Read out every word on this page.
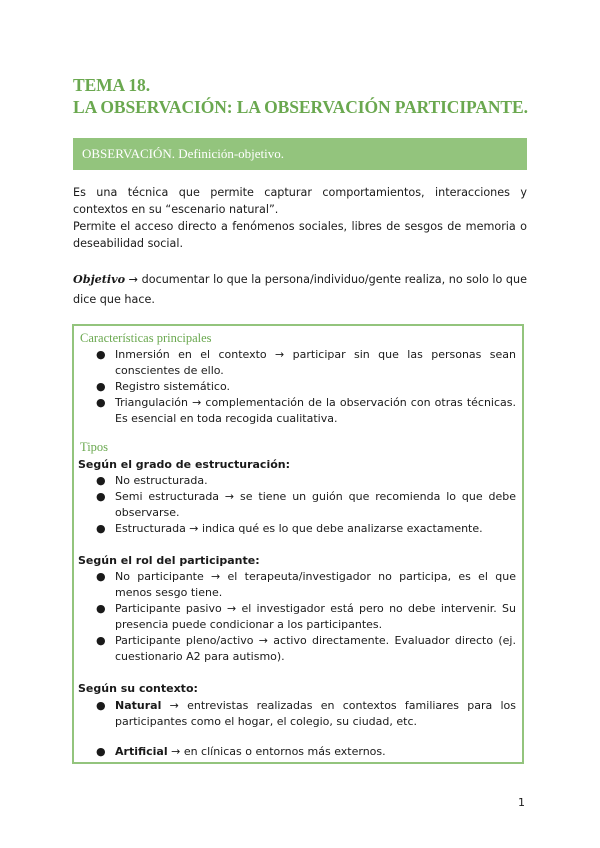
TEMA 18.
LA OBSERVACIÓN: LA OBSERVACIÓN PARTICIPANTE.
OBSERVACIÓN. Definición-objetivo.

Es una técnica que permite capturar comportamientos, interacciones y contextos en su “escenario natural”.

Permite el acceso directo a fenómenos sociales, libres de sesgos de memoria o deseabilidad social.

Objetivo → documentar lo que la persona/individuo/gente realiza, no solo lo que dice que hace.

Características principales
● Inmersión en el contexto → participar sin que las personas sean conscientes de ello.
● Registro sistemático.
● Triangulación → complementación de la observación con otras técnicas. Es esencial en toda recogida cualitativa.
Tipos
Según el grado de estructuración:
● No estructurada.
● Semi estructurada → se tiene un guión que recomienda lo que debe observarse.
● Estructurada → indica qué es lo que debe analizarse exactamente.
Según el rol del participante:
● No participante → el terapeuta/investigador no participa, es el que menos sesgo tiene.
● Participante pasivo → el investigador está pero no debe intervenir. Su presencia puede condicionar a los participantes.
● Participante pleno/activo → activo directamente. Evaluador directo (ej. cuestionario A2 para autismo).
Según su contexto:
● Natural → entrevistas realizadas en contextos familiares para los participantes como el hogar, el colegio, su ciudad, etc.
● Artificial → en clínicas o entornos más externos.
1
